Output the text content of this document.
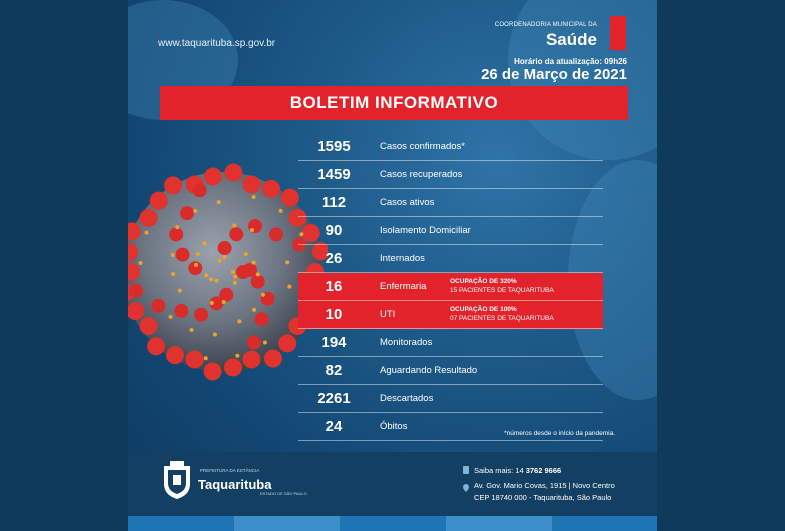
www.taquarituba.sp.gov.br
COORDENADORIA MUNICIPAL DA
Saúde
Horário da atualização: 09h26
26 de Março de 2021
BOLETIM INFORMATIVO
1595	Casos confirmados*
1459	Casos recuperados
112	Casos ativos
90	Isolamento Domiciliar
26	Internados
16	Enfermaria	OCUPAÇÃO DE 320%
15 PACIENTES DE TAQUARITUBA
10	UTI	OCUPAÇÃO DE 100%
07 PACIENTES DE TAQUARITUBA
194	Monitorados
82	Aguardando Resultado
2261	Descartados
24	Óbitos
*números desde o início da pandemia.
PREFEITURA DA ESTÂNCIA
Taquarituba
ESTADO DE SÃO PAULO
Saiba mais: 14 3762 9666
Av. Gov. Mario Covas, 1915 | Novo Centro
CEP 18740 000 - Taquarituba, São Paulo
